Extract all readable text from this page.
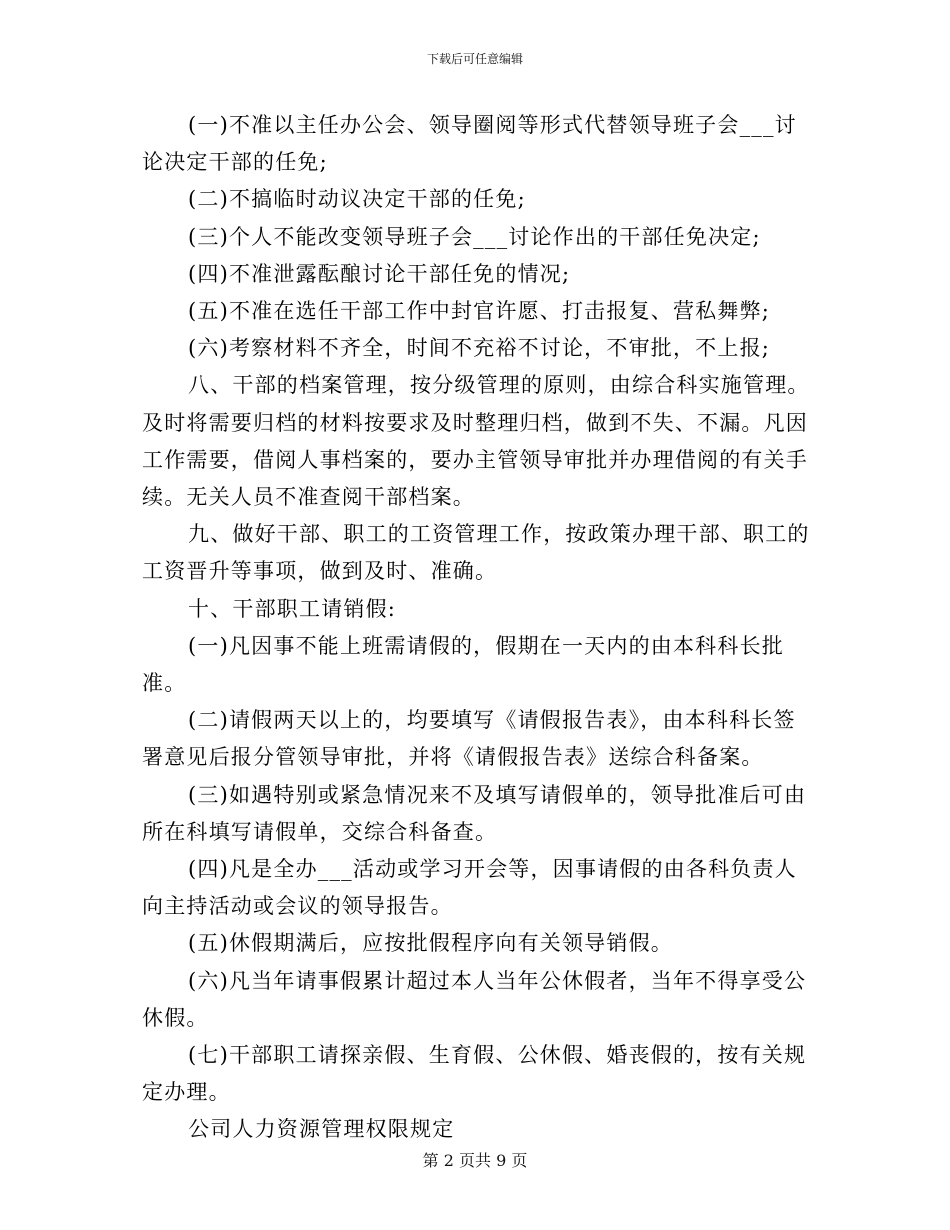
下载后可任意编辑

(一)不准以主任办公会、领导圈阅等形式代替领导班子会___讨论决定干部的任免;

(二)不搞临时动议决定干部的任免;

(三)个人不能改变领导班子会___讨论作出的干部任免决定;

(四)不准泄露酝酿讨论干部任免的情况;

(五)不准在选任干部工作中封官许愿、打击报复、营私舞弊;

(六)考察材料不齐全，时间不充裕不讨论，不审批，不上报;

八、干部的档案管理，按分级管理的原则，由综合科实施管理。及时将需要归档的材料按要求及时整理归档，做到不失、不漏。凡因工作需要，借阅人事档案的，要办主管领导审批并办理借阅的有关手续。无关人员不准查阅干部档案。

九、做好干部、职工的工资管理工作，按政策办理干部、职工的工资晋升等事项，做到及时、准确。

十、干部职工请销假:

(一)凡因事不能上班需请假的，假期在一天内的由本科科长批准。

(二)请假两天以上的，均要填写《请假报告表》，由本科科长签署意见后报分管领导审批，并将《请假报告表》送综合科备案。

(三)如遇特别或紧急情况来不及填写请假单的，领导批准后可由所在科填写请假单，交综合科备查。

(四)凡是全办___活动或学习开会等，因事请假的由各科负责人向主持活动或会议的领导报告。

(五)休假期满后，应按批假程序向有关领导销假。

(六)凡当年请事假累计超过本人当年公休假者，当年不得享受公休假。

(七)干部职工请探亲假、生育假、公休假、婚丧假的，按有关规定办理。

公司人力资源管理权限规定

第 2 页共 9 页
